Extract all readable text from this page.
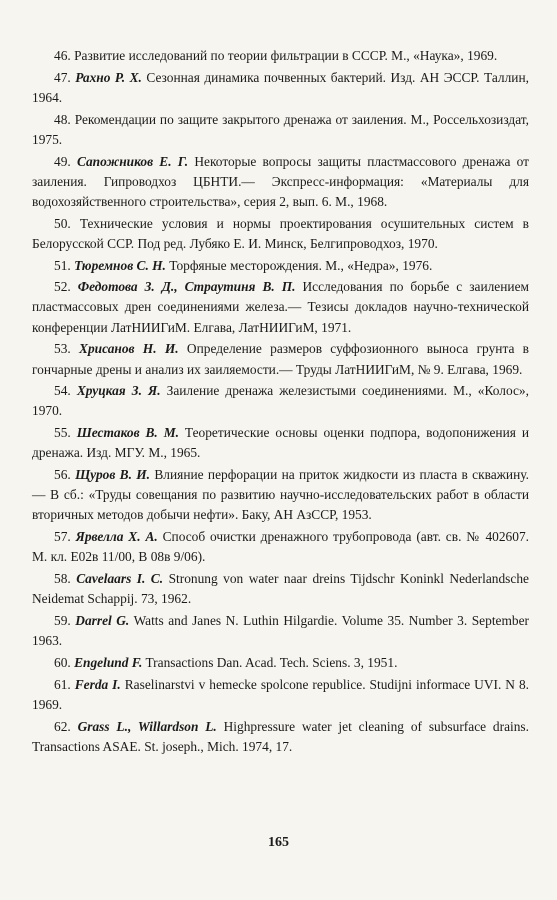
46. Развитие исследований по теории фильтрации в СССР. М., «Наука», 1969.

47. Рахно Р. Х. Сезонная динамика почвенных бактерий. Изд. АН ЭССР. Таллин, 1964.

48. Рекомендации по защите закрытого дренажа от заиления. М., Россельхозиздат, 1975.

49. Сапожников Е. Г. Некоторые вопросы защиты пластмассового дренажа от заиления. Гипроводхоз ЦБНТИ.— Экспресс-информация: «Материалы для водохозяйственного строительства», серия 2, вып. 6. М., 1968.

50. Технические условия и нормы проектирования осушительных систем в Белорусской ССР. Под ред. Лубяко Е. И. Минск, Белгипроводхоз, 1970.

51. Тюремнов С. Н. Торфяные месторождения. М., «Недра», 1976.

52. Федотова З. Д., Страутиня В. П. Исследования по борьбе с заилением пластмассовых дрен соединениями железа.— Тезисы докладов научно-технической конференции ЛатНИИГиМ. Елгава, ЛатНИИГиМ, 1971.

53. Хрисанов Н. И. Определение размеров суффозионного выноса грунта в гончарные дрены и анализ их заиляемости.— Труды ЛатНИИГиМ, № 9. Елгава, 1969.

54. Хруцкая З. Я. Заиление дренажа железистыми соединениями. М., «Колос», 1970.

55. Шестаков В. М. Теоретические основы оценки подпора, водопонижения и дренажа. Изд. МГУ. М., 1965.

56. Щуров В. И. Влияние перфорации на приток жидкости из пласта в скважину.— В сб.: «Труды совещания по развитию научно-исследовательских работ в области вторичных методов добычи нефти». Баку, АН АзССР, 1953.

57. Ярвелла Х. А. Способ очистки дренажного трубопровода (авт. св. № 402607. М. кл. Е02в 11/00, В 08в 9/06).

58. Cavelaars I. C. Stronung von water naar dreins Tijdschr Koninkl Nederlandsche Neidemat Schappij. 73, 1962.

59. Darrel G. Watts and Janes N. Luthin Hilgardie. Volume 35. Number 3. September 1963.

60. Engelund F. Transactions Dan. Acad. Tech. Sciens. 3, 1951.

61. Ferda I. Raselinarstvi v hemecke spolcone republice. Studijni informace UVI. N 8. 1969.

62. Grass L., Willardson L. Highpressure water jet cleaning of subsurface drains. Transactions ASAE. St. joseph., Mich. 1974, 17.

165
